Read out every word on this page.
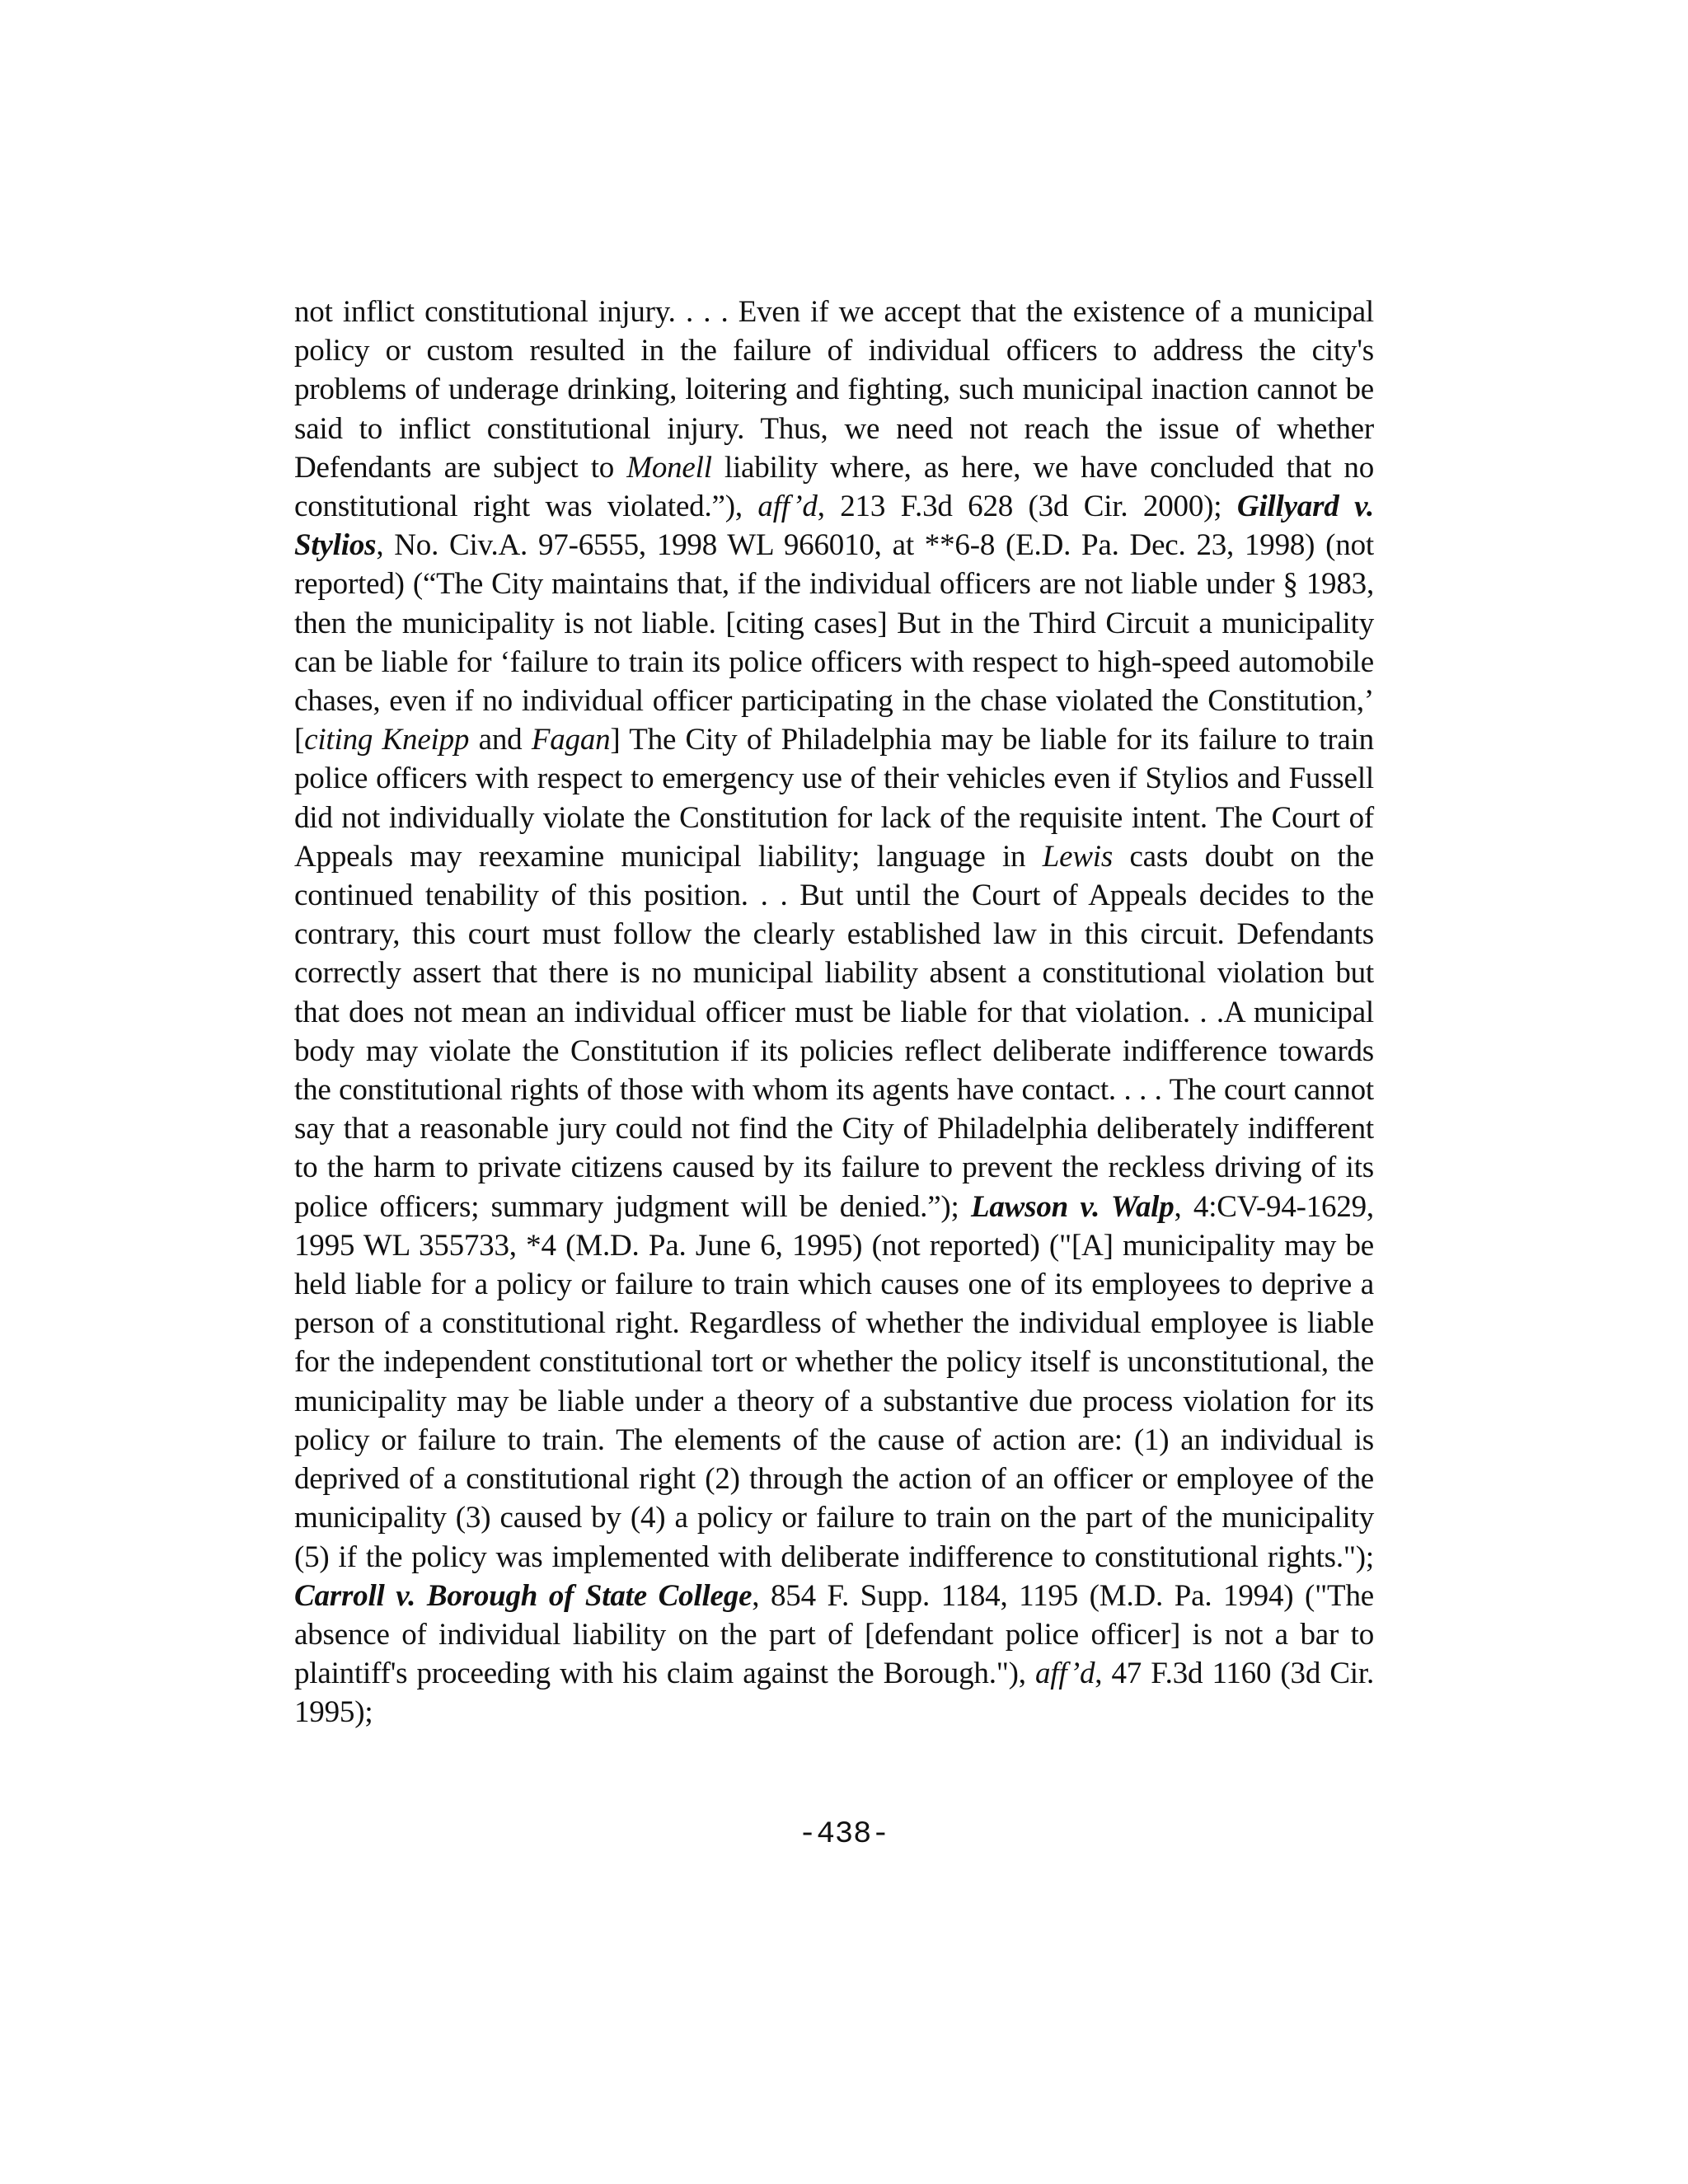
not inflict constitutional injury. . . . Even if we accept that the existence of a municipal policy or custom resulted in the failure of individual officers to address the city's problems of underage drinking, loitering and fighting, such municipal inaction cannot be said to inflict constitutional injury. Thus, we need not reach the issue of whether Defendants are subject to Monell liability where, as here, we have concluded that no constitutional right was violated.”), aff’d, 213 F.3d 628 (3d Cir. 2000); Gillyard v. Stylios, No. Civ.A. 97-6555, 1998 WL 966010, at **6-8 (E.D. Pa. Dec. 23, 1998) (not reported) (“The City maintains that, if the individual officers are not liable under § 1983, then the municipality is not liable. [citing cases] But in the Third Circuit a municipality can be liable for ‘failure to train its police officers with respect to high-speed automobile chases, even if no individual officer participating in the chase violated the Constitution,’ [citing Kneipp and Fagan] The City of Philadelphia may be liable for its failure to train police officers with respect to emergency use of their vehicles even if Stylios and Fussell did not individually violate the Constitution for lack of the requisite intent. The Court of Appeals may reexamine municipal liability; language in Lewis casts doubt on the continued tenability of this position. . . But until the Court of Appeals decides to the contrary, this court must follow the clearly established law in this circuit. Defendants correctly assert that there is no municipal liability absent a constitutional violation but that does not mean an individual officer must be liable for that violation. . .A municipal body may violate the Constitution if its policies reflect deliberate indifference towards the constitutional rights of those with whom its agents have contact. . . . The court cannot say that a reasonable jury could not find the City of Philadelphia deliberately indifferent to the harm to private citizens caused by its failure to prevent the reckless driving of its police officers; summary judgment will be denied.”); Lawson v. Walp, 4:CV-94-1629, 1995 WL 355733, *4 (M.D. Pa. June 6, 1995) (not reported) ("[A] municipality may be held liable for a policy or failure to train which causes one of its employees to deprive a person of a constitutional right. Regardless of whether the individual employee is liable for the independent constitutional tort or whether the policy itself is unconstitutional, the municipality may be liable under a theory of a substantive due process violation for its policy or failure to train. The elements of the cause of action are: (1) an individual is deprived of a constitutional right (2) through the action of an officer or employee of the municipality (3) caused by (4) a policy or failure to train on the part of the municipality (5) if the policy was implemented with deliberate indifference to constitutional rights."); Carroll v. Borough of State College, 854 F. Supp. 1184, 1195 (M.D. Pa. 1994) ("The absence of individual liability on the part of [defendant police officer] is not a bar to plaintiff's proceeding with his claim against the Borough."), aff’d, 47 F.3d 1160 (3d Cir. 1995);

-438-
